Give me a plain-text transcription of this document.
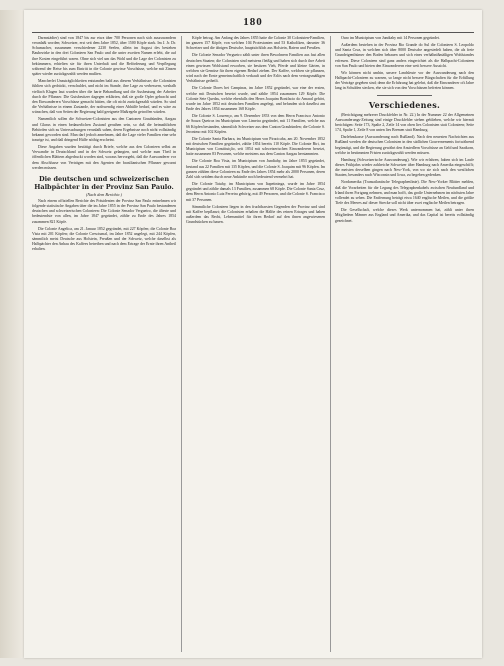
180

Darmstädter) sind von 1847 bis zur etwa über 700 Personen nach sich auszuwandern veranlaßt worden; Schweizer, erst seit dem Jahre 1852, über 1500 Köpfe stark. Im J. Jr. Dr. Schumacher, zusammen verschiedener 2230 Seelen, allein im August des bestehen Baubezirke in den drei Colonieen San Paulo und die unter zweiten Namen erlebt, die auf ihre Kosten eingeführt waren. Ohne sich viel um das Wohl und die Lage der Colonisten zu bekümmern, erhielten sie für ihren Unterhalt und die Beförderung und Verpflegung während der Reise bis zum Eintritt in die Colonie gewisse Vorschüsse, welche mit Zinsen später wieder zurückgezahlt werden mußten.

Mancherlei Unzuträglichkeiten entstanden bald aus diesem Verhältnisse; die Colonisten fühlten sich gedrückt, verschuldet, und nicht im Stande, ihre Lage zu verbessern, weshalb vielfach Klagen laut wurden über die harte Behandlung und die Ausbeutung der Arbeiter durch die Pflanzer. Die Gutsbesitzer dagegen erklärten, daß sie große Opfer gebracht und den Einwanderern Vorschüsse gemacht hätten, die oft nicht zurückgezahlt würden. So sind die Verhältnisse in einem Zustande, der nothwendig einer Abhülfe bedarf, und es wäre zu wünschen, daß von Seiten der Regierung bald geeignete Maßregeln getroffen würden.

Namentlich sollen die Schweizer-Colonisten aus den Cantonen Graubünden, Aargau und Glarus in einen bedauerlichen Zustand gerathen sein, so daß die heimathlichen Behörden sich zu Untersuchungen veranlaßt sahen, deren Ergebnisse noch nicht vollständig bekannt geworden sind. Man darf jedoch annehmen, daß die Lage vieler Familien eine sehr traurige ist, und daß dringend Hülfe nöthig erscheint.

Diese Angaben wurden bestätigt durch Briefe, welche aus den Colonieen selbst an Verwandte in Deutschland und in der Schweiz gelangten, und welche zum Theil in öffentlichen Blättern abgedruckt worden sind, woraus hervorgeht, daß die Auswanderer vor dem Abschlusse von Verträgen mit den Agenten der brasilianischen Pflanzer gewarnt werden müssen.

Die deutschen und schweizerischen Halbpächter in der Provinz San Paulo.
(Nach dem Berichte.)

Nach einem offiziellen Berichte des Präsidenten der Provinz San Paulo entnehmen wir folgende statistische Angaben über die im Jahre 1855 in der Provinz San Paulo bestandenen deutschen und schweizerischen Colonieen: Die Colonie Senador Vergueiro, die älteste und bedeutendste von allen, im Jahre 1847 gegründet, zählte zu Ende des Jahres 1854 zusammen 821 Köpfe.

Die Colonie Angelica, am 21. Januar 1852 gegründet, mit 227 Köpfen; die Colonie Boa Vista mit 201 Köpfen; die Colonie Cresciumal, im Jahre 1852 angelegt, mit 244 Köpfen, sämmtlich meist Deutsche aus Holstein, Preußen und der Schweiz, welche daselbst als Halbpächter den Anbau des Kaffees betreiben und nach dem Ertrage der Ernte ihren Antheil erhalten.

Köpfe betrug. Am Anfang des Jahres 1855 hatte die Colonie 30 Colonisten-Familien, im ganzen 157 Köpfe, von welchen 104 Protestanten und 53 Katholiken, darunter 36 Schweizer und die übrigen Deutsche, hauptsächlich aus Holstein, Baiern und Preußen.

Die Colonie Senador Vergueiro zählt unter ihren Bewohnern Familien aus fast allen deutschen Staaten; die Colonisten sind meistens fleißig und haben sich durch ihre Arbeit einen gewissen Wohlstand erworben, sie besitzen Vieh, Pferde und kleine Gärten, in welchen sie Gemüse für ihren eigenen Bedarf ziehen. Der Kaffee, welchen sie pflanzen, wird nach der Ernte gemeinschaftlich verkauft und der Erlös nach dem vertragsmäßigen Verhältnisse getheilt.

Die Colonie Dores bei Campinas, im Jahre 1852 gegründet, war eine der ersten, welche mit Deutschen besetzt wurde, und zählte 1854 zusammen 129 Köpfe. Die Colonie Sete Quedas, welche ebenfalls den Herrn Joaquim Bonifacio do Amaral gehört, wurde im Jahre 1852 mit deutschen Familien angelegt, und befanden sich daselbst am Ende des Jahres 1854 zusammen 168 Köpfe.

Die Colonie S. Lourenço, am 9. Dezember 1853 von dem Herrn Francisco Antonio de Souza Queiroz im Municipium von Limeira gegründet, mit 11 Familien, welche aus 66 Köpfen bestanden, sämmtlich Schweizer aus dem Canton Graubünden; die Colonie S. Jeronimo mit 102 Köpfen.

Die Colonie Santa Barbara, im Municipium von Piracicaba, am 20. November 1852 mit deutschen Familien gegründet, zählte 1854 bereits 110 Köpfe. Die Colonie Biri, im Municipium von Constituição, seit 1854 mit schweizerischen Einwanderern besetzt, hatte zusammen 83 Personen, welche meistens aus dem Canton Aargau herstammten.

Die Colonie Boa Vista, im Municipium von Jundiahy, im Jahre 1853 gegründet, bestand aus 22 Familien mit 135 Köpfen, und die Colonie S. Joaquim mit 96 Köpfen. Im ganzen zählten diese Colonieen zu Ende des Jahres 1854 mehr als 2000 Personen, deren Zahl sich seitdem durch neue Ankünfte noch bedeutend vermehrt hat.

Die Colonie Tatuhy, im Municipium von Itapetininga, wurde im Jahre 1854 gegründet und zählte damals 13 Familien, zusammen 68 Köpfe. Die Colonie Santa Cruz, dem Herrn Antonio Luiz Ferreira gehörig, mit 49 Personen, und die Colonie S. Francisco mit 37 Personen.

Sämmtliche Colonieen liegen in den fruchtbarsten Gegenden der Provinz und sind mit Kaffee bepflanzt; die Colonisten erhalten die Hälfte des reinen Ertrages und haben außerdem das Recht, Lebensmittel für ihren Bedarf auf den ihnen angewiesenen Grundstücken zu bauen.

Ouro im Municipium von Jundiahy mit 14 Personen gegründet.

Außerdem bestehen in der Provinz Rio Grande do Sul die Colonieen S. Leopoldo und Santa Cruz, in welchen sich über 8000 Deutsche angesiedelt haben, die als freie Grundeigenthümer den Boden bebauen und sich eines verhältnißmäßigen Wohlstandes erfreuen. Diese Colonieen sind ganz anders eingerichtet als die Halbpacht-Colonieen von San Paulo und bieten den Einwanderern eine weit bessere Aussicht.

Wir können nicht umhin, unsere Landsleute vor der Auswanderung nach den Halbpacht-Colonieen zu warnen, so lange nicht bessere Bürgschaften für die Erfüllung der Verträge gegeben sind; denn die Erfahrung hat gelehrt, daß die Einwanderer oft Jahre lang in Schulden stecken, ehe sie sich von den Vorschüssen befreien können.

Verschiedenes.

(Berichtigung mehrerer Druckfehler in Nr. 22.) In der Nummer 22 der Allgemeinen Auswanderungs-Zeitung sind einige Druckfehler stehen geblieben, welche wir hiermit berichtigen: Seite 173, Spalte 2, Zeile 14 von oben lies Colonisten statt Colonieen; Seite 174, Spalte 1, Zeile 8 von unten lies Bremen statt Hamburg.

Darlehnskasse (Auswanderung nach Rußland). Nach den neuesten Nachrichten aus Rußland werden die deutschen Colonisten in den südlichen Gouvernements fortwährend begünstigt, und die Regierung gewährt den Ansiedlern Vorschüsse an Geld und Saatkorn, welche in bestimmten Fristen zurückgezahlt werden müssen.

Hamburg (Schweizerische Auswanderung). Wie wir erfahren, haben sich im Laufe dieses Frühjahrs wieder zahlreiche Schweizer über Hamburg nach Amerika eingeschifft; die meisten derselben gingen nach New-York, von wo sie sich nach den westlichen Staaten, besonders nach Wisconsin und Iowa, zu begeben gedenken.

Nordamerika (Transatlantische Telegraphenlinie). Die New-Yorker Blätter melden, daß die Vorarbeiten für die Legung des Telegraphenkabels zwischen Neufundland und Irland ihren Fortgang nehmen, und man hofft, das große Unternehmen im nächsten Jahre vollendet zu sehen. Die Entfernung beträgt etwa 1640 englische Meilen, und die größte Tiefe des Meeres auf dieser Strecke soll nicht über zwei englische Meilen betragen.

Die Gesellschaft, welche dieses Werk unternommen hat, zählt unter ihren Mitgliedern Männer aus England und Amerika, und das Capital ist bereits vollständig gezeichnet.
